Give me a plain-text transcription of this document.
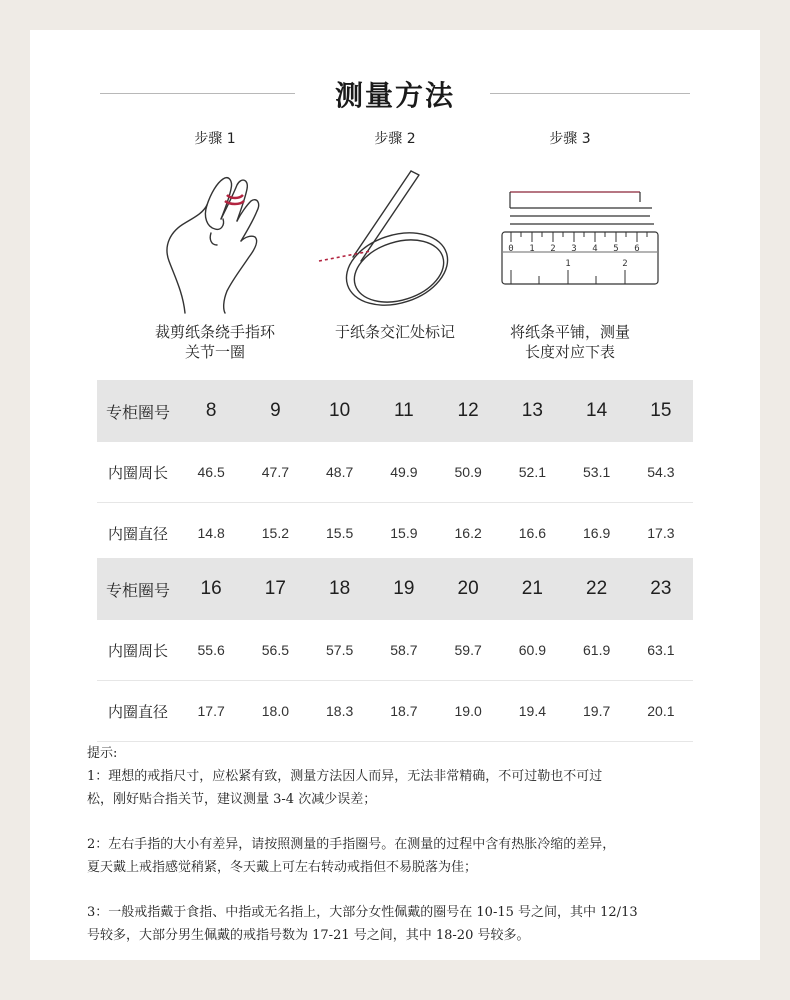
测量方法
步骤 1	步骤 2	步骤 3
0 1 2 3 4 5 6
1	2
裁剪纸条绕手指环
关节一圈
于纸条交汇处标记	将纸条平铺，测量
长度对应下表
专柜圈号	8	9	10	11	12	13	14	15
内圈周长	46.5	47.7	48.7	49.9	50.9	52.1	53.1	54.3
内圈直径	14.8	15.2	15.5	15.9	16.2	16.6	16.9	17.3
专柜圈号	16	17	18	19	20	21	22	23
内圈周长	55.6	56.5	57.5	58.7	59.7	60.9	61.9	63.1
内圈直径	17.7	18.0	18.3	18.7	19.0	19.4	19.7	20.1

提示:

1：理想的戒指尺寸，应松紧有致，测量方法因人而异，无法非常精确，不可过勒也不可过

松，刚好贴合指关节，建议测量 3-4 次减少误差；

2：左右手指的大小有差异，请按照测量的手指圈号。在测量的过程中含有热胀冷缩的差异，

夏天戴上戒指感觉稍紧，冬天戴上可左右转动戒指但不易脱落为佳；

3：一般戒指戴于食指、中指或无名指上，大部分女性佩戴的圈号在 10-15 号之间，其中 12/13

号较多，大部分男生佩戴的戒指号数为 17-21 号之间，其中 18-20 号较多。
